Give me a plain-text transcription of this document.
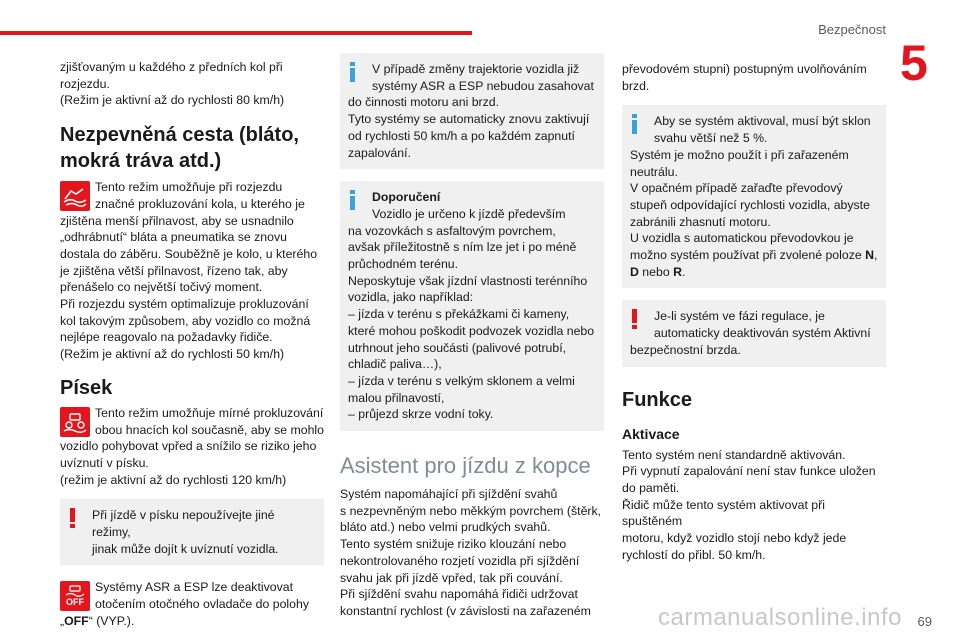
Bezpečnost
5

zjišťovaným u každého z předních kol při

rozjezdu.

(Režim je aktivní až do rychlosti 80 km/h)

Nezpevněná cesta (bláto,

mokrá tráva atd.)

Tento režim umožňuje při rozjezdu

značné prokluzování kola, u kterého je

zjištěna menší přilnavost, aby se usnadnilo

„odhrábnutí“ bláta a pneumatika se znovu

dostala do záběru. Souběžně je kolo, u kterého

je zjištěna větší přilnavost, řízeno tak, aby

přenášelo co největší točivý moment.

Při rozjezdu systém optimalizuje prokluzování

kol takovým způsobem, aby vozidlo co možná

nejlépe reagovalo na požadavky řidiče.

(Režim je aktivní až do rychlosti 50 km/h)

Písek

Tento režim umožňuje mírné prokluzování

obou hnacích kol současně, aby se mohlo

vozidlo pohybovat vpřed a snížilo se riziko jeho

uvíznutí v písku.

(režim je aktivní až do rychlosti 120 km/h)

Při jízdě v písku nepoužívejte jiné režimy,

jinak může dojít k uvíznutí vozidla.

OFF

Systémy ASR a ESP lze deaktivovat

otočením otočného ovladače do polohy

„OFF“ (VYP.).

V případě změny trajektorie vozidla již

systémy ASR a ESP nebudou zasahovat

do činnosti motoru ani brzd.

Tyto systémy se automaticky znovu zaktivují

od rychlosti 50 km/h a po každém zapnutí

zapalování.

Doporučení

Vozidlo je určeno k jízdě především

na vozovkách s asfaltovým povrchem,

avšak příležitostně s ním lze jet i po méně

průchodném terénu.

Neposkytuje však jízdní vlastnosti terénního

vozidla, jako například:

– jízda v terénu s překážkami či kameny,

které mohou poškodit podvozek vozidla nebo

utrhnout jeho součásti (palivové potrubí,

chladič paliva…),

– jízda v terénu s velkým sklonem a velmi

malou přilnavostí,

– průjezd skrze vodní toky.

Asistent pro jízdu z kopce

Systém napomáhající při sjíždění svahů

s nezpevněným nebo měkkým povrchem (štěrk,

bláto atd.) nebo velmi prudkých svahů.

Tento systém snižuje riziko klouzání nebo

nekontrolovaného rozjetí vozidla při sjíždění

svahu jak při jízdě vpřed, tak při couvání.

Při sjíždění svahu napomáhá řidiči udržovat

konstantní rychlost (v závislosti na zařazeném

převodovém stupni) postupným uvolňováním

brzd.

Aby se systém aktivoval, musí být sklon

svahu větší než 5 %.

Systém je možno použít i při zařazeném

neutrálu.

V opačném případě zařaďte převodový

stupeň odpovídající rychlosti vozidla, abyste

zabránili zhasnutí motoru.

U vozidla s automatickou převodovkou je

možno systém používat při zvolené poloze N,

D nebo R.

Je-li systém ve fázi regulace, je

automaticky deaktivován systém Aktivní

bezpečnostní brzda.

Funkce

Aktivace

Tento systém není standardně aktivován.

Při vypnutí zapalování není stav funkce uložen

do paměti.

Řidič může tento systém aktivovat při spuštěném

motoru, když vozidlo stojí nebo když jede

rychlostí do přibl. 50 km/h.

carmanualsonline.info 69
